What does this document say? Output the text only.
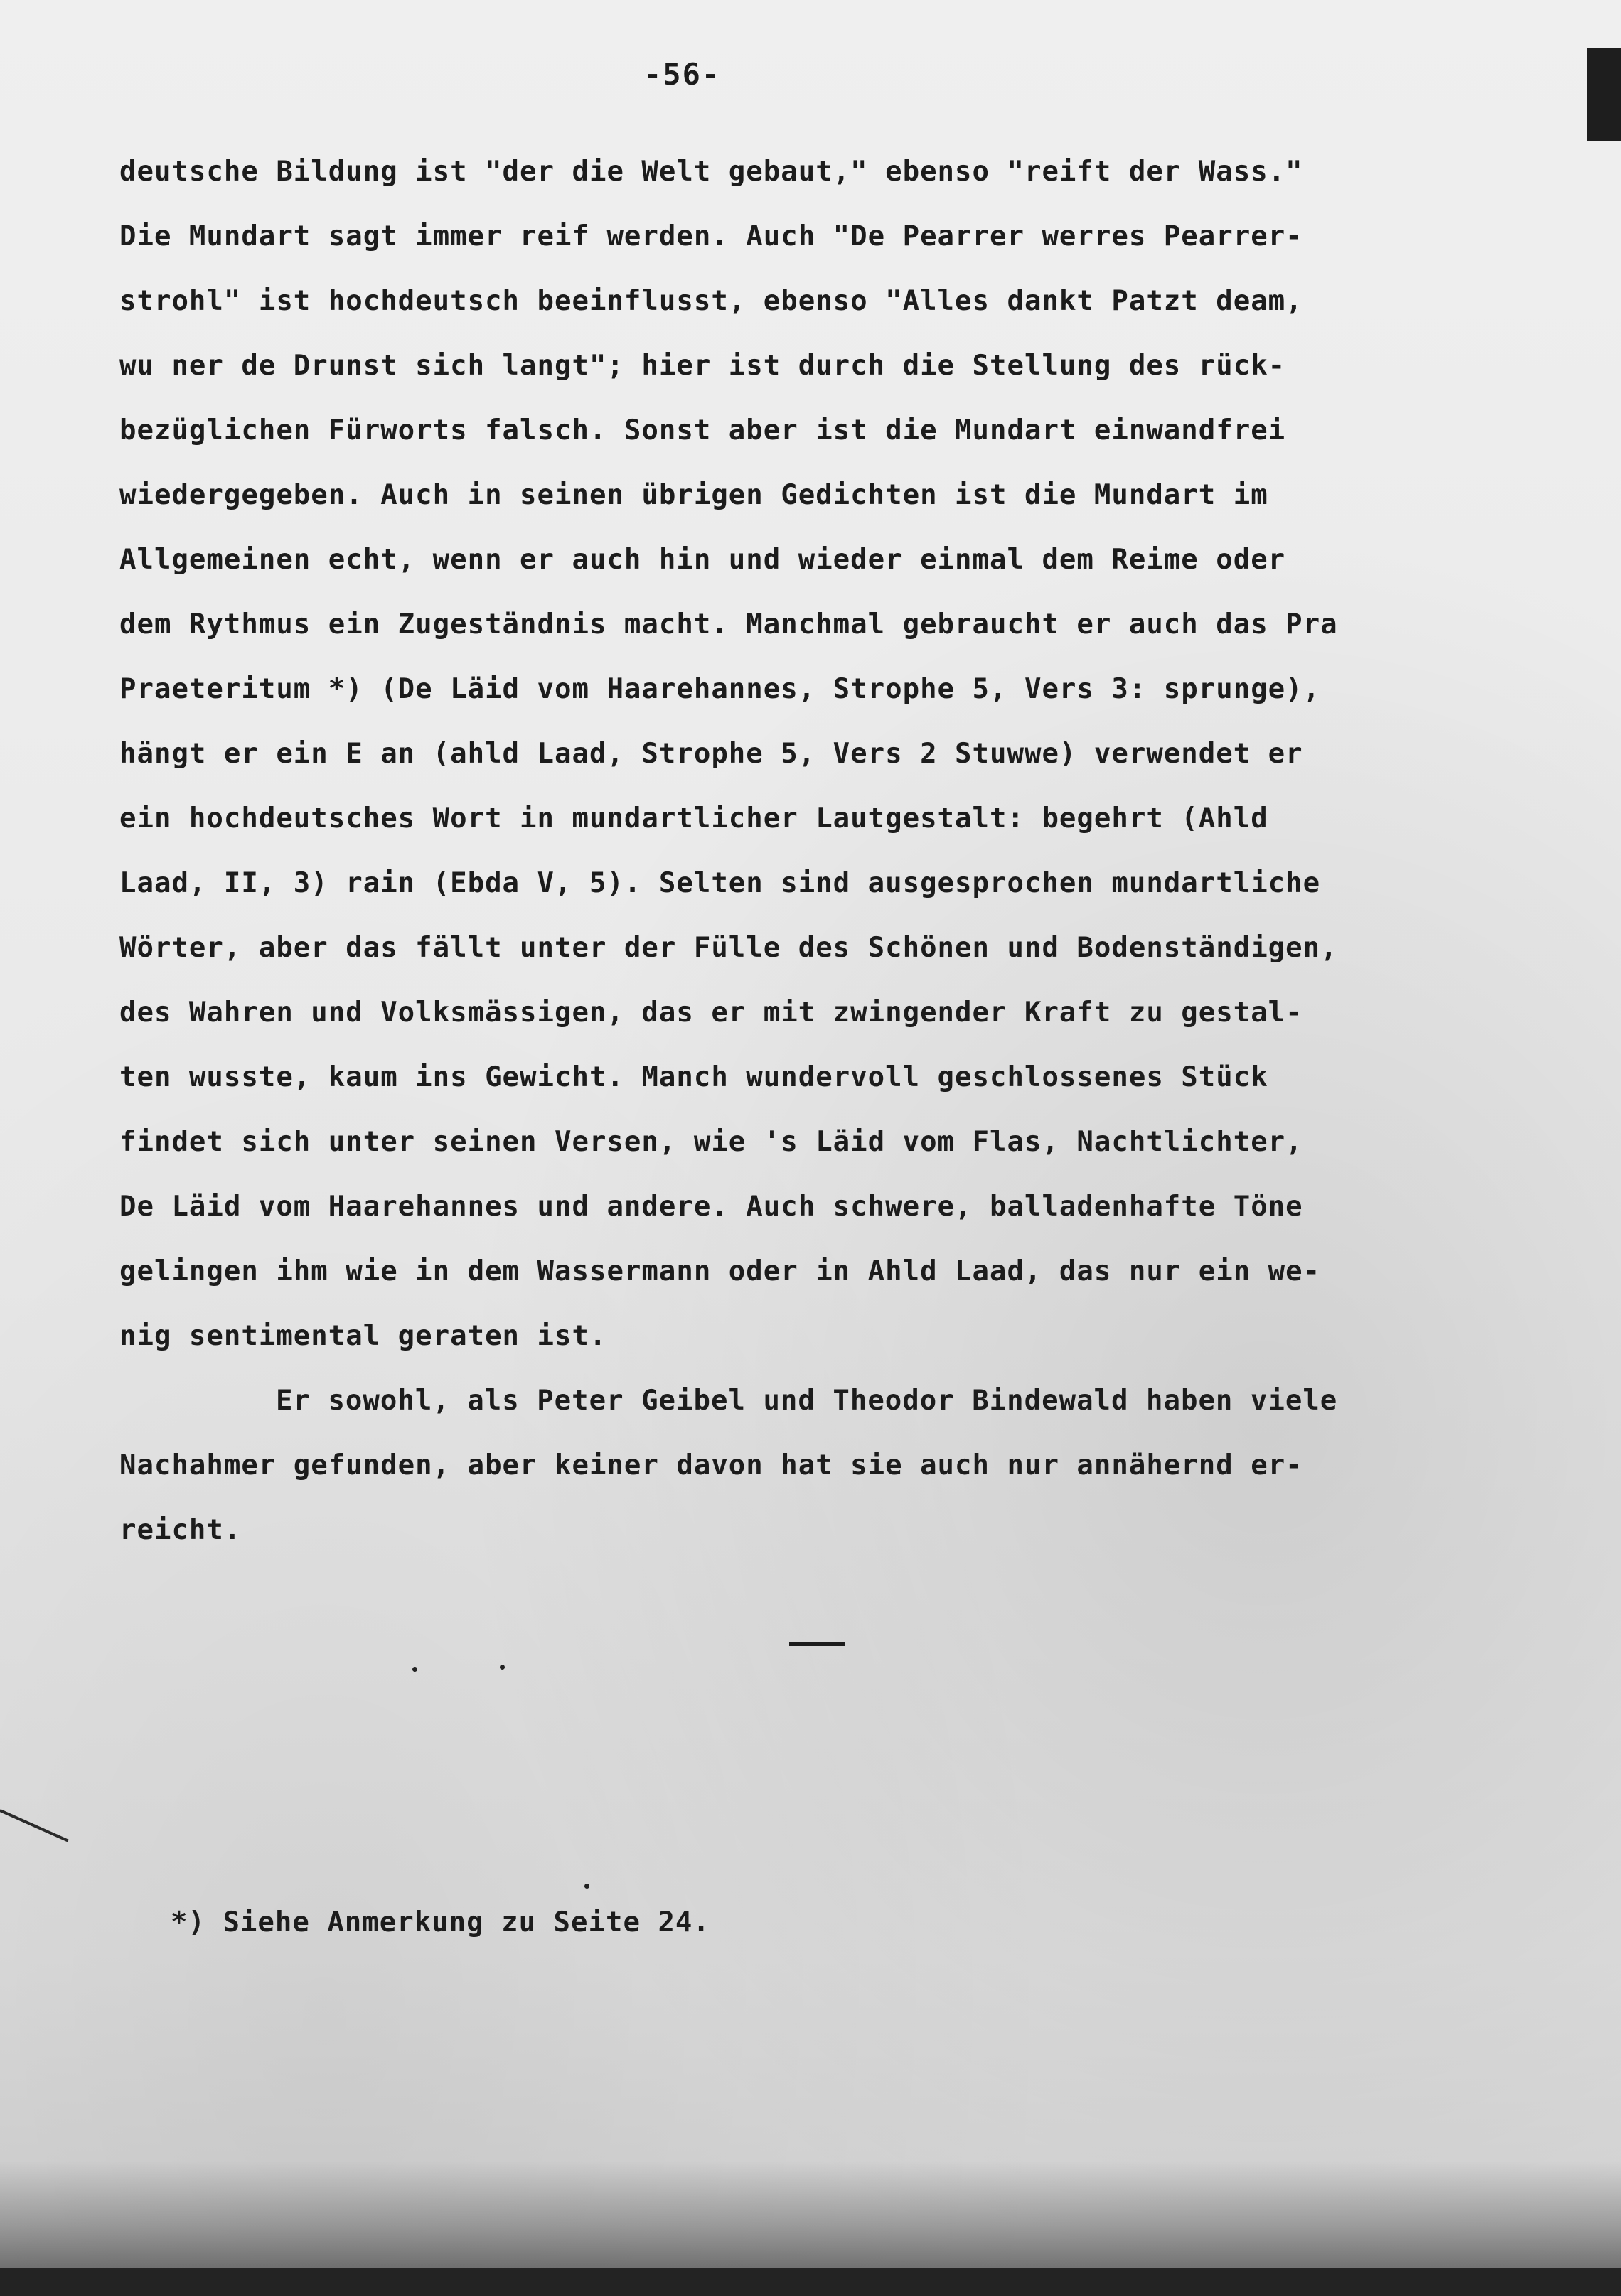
-56-
deutsche Bildung ist "der die Welt gebaut," ebenso "reift der Wass."
Die Mundart sagt immer reif werden. Auch "De Pearrer werres Pearrer-
strohl" ist hochdeutsch beeinflusst, ebenso "Alles dankt Patzt deam,
wu ner de Drunst sich langt"; hier ist durch die Stellung des rück-
bezüglichen Fürworts falsch. Sonst aber ist die Mundart einwandfrei
wiedergegeben. Auch in seinen übrigen Gedichten ist die Mundart im
Allgemeinen echt, wenn er auch hin und wieder einmal dem Reime oder
dem Rythmus ein Zugeständnis macht. Manchmal gebraucht er auch das Pra
Praeteritum *) (De Läid vom Haarehannes, Strophe 5, Vers 3: sprunge),
hängt er ein E an (ahld Laad, Strophe 5, Vers 2 Stuwwe) verwendet er
ein hochdeutsches Wort in mundartlicher Lautgestalt: begehrt (Ahld
Laad, II, 3) rain (Ebda V, 5). Selten sind ausgesprochen mundartliche
Wörter, aber das fällt unter der Fülle des Schönen und Bodenständigen,
des Wahren und Volksmässigen, das er mit zwingender Kraft zu gestal-
ten wusste, kaum ins Gewicht. Manch wundervoll geschlossenes Stück
findet sich unter seinen Versen, wie 's Läid vom Flas, Nachtlichter,
De Läid vom Haarehannes und andere. Auch schwere, balladenhafte Töne
gelingen ihm wie in dem Wassermann oder in Ahld Laad, das nur ein we-
nig sentimental geraten ist.
Er sowohl, als Peter Geibel und Theodor Bindewald haben viele
Nachahmer gefunden, aber keiner davon hat sie auch nur annähernd er-
reicht.
*) Siehe Anmerkung zu Seite 24.
